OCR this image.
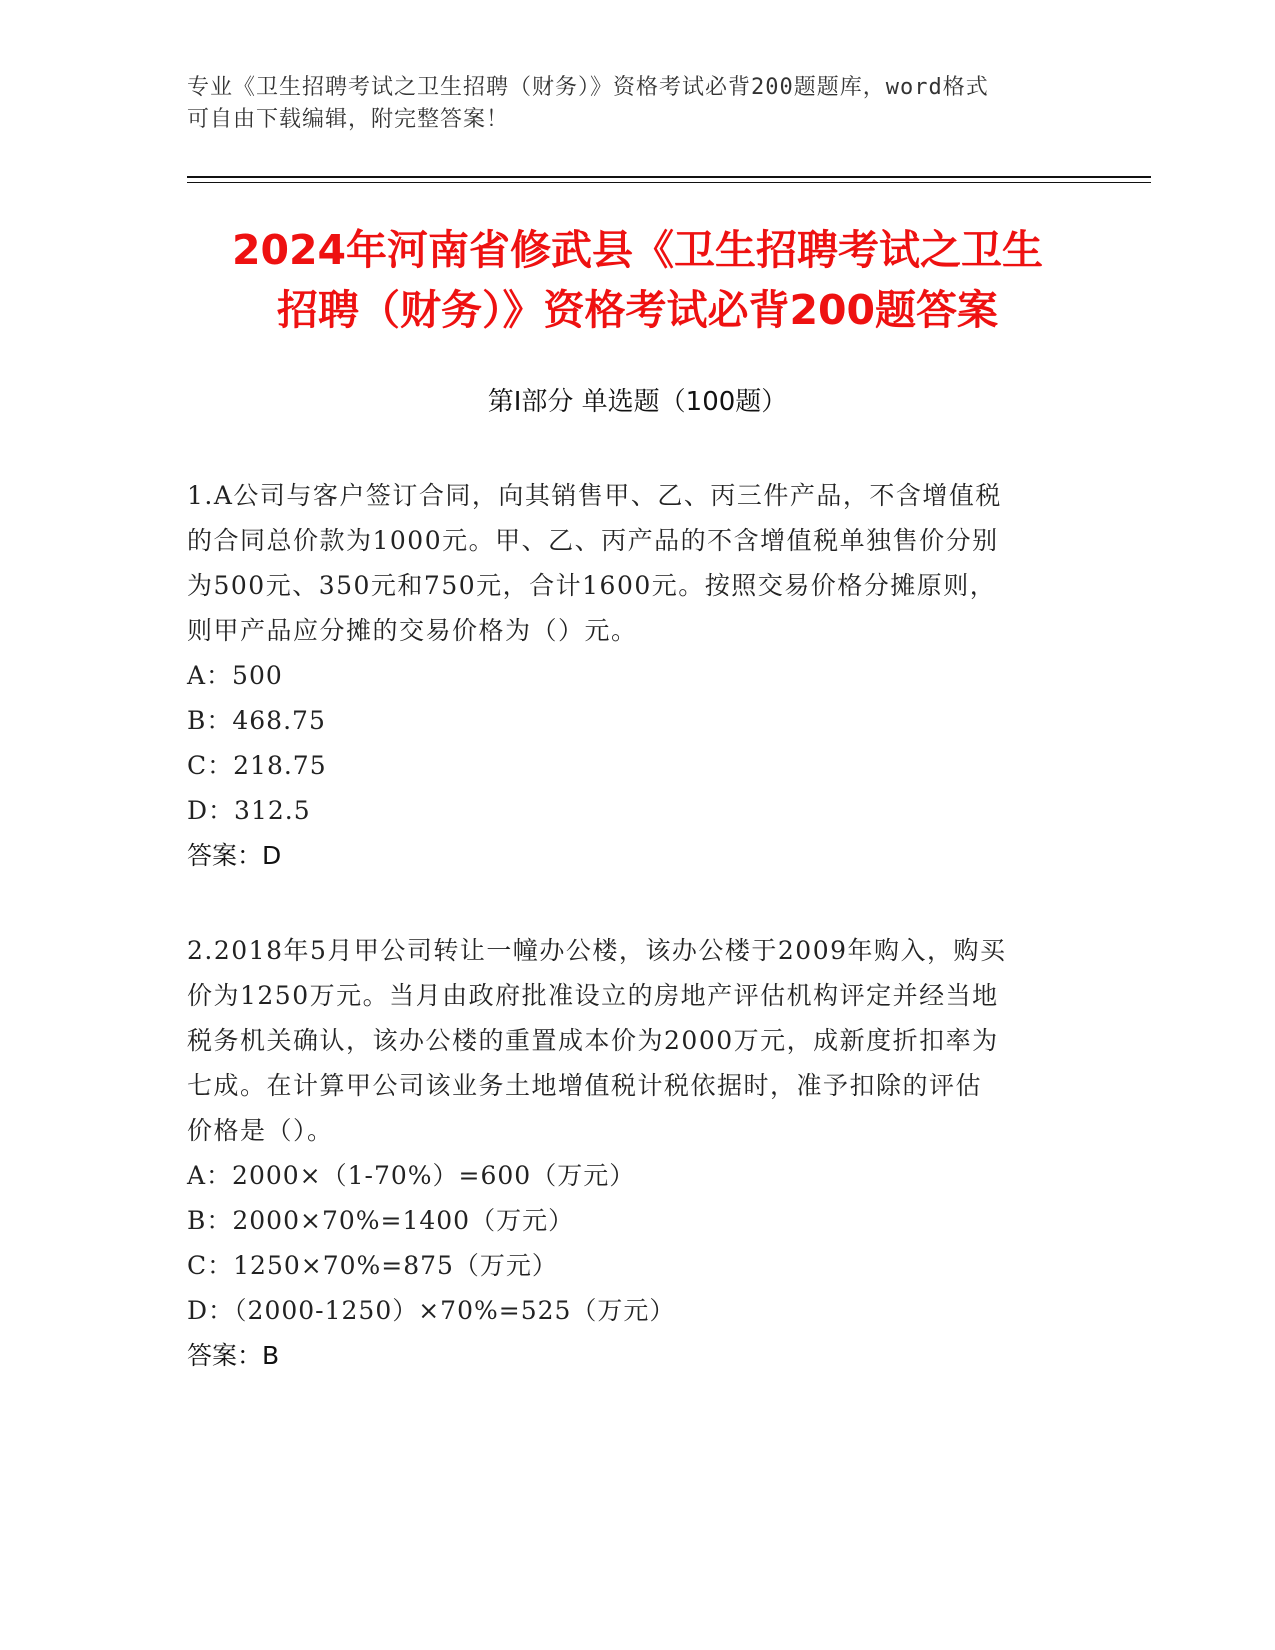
专业《卫生招聘考试之卫生招聘（财务）》资格考试必背200题题库，word格式
可自由下载编辑，附完整答案！
2024年河南省修武县《卫生招聘考试之卫生
招聘（财务）》资格考试必背200题答案
第Ⅰ部分 单选题（100题）
1.A公司与客户签订合同，向其销售甲、乙、丙三件产品，不含增值税
的合同总价款为1000元。甲、乙、丙产品的不含增值税单独售价分别
为500元、350元和750元，合计1600元。按照交易价格分摊原则，
则甲产品应分摊的交易价格为（）元。
A：500
B：468.75
C：218.75
D：312.5
答案：D
2.2018年5月甲公司转让一幢办公楼，该办公楼于2009年购入，购买
价为1250万元。当月由政府批准设立的房地产评估机构评定并经当地
税务机关确认，该办公楼的重置成本价为2000万元，成新度折扣率为
七成。在计算甲公司该业务土地增值税计税依据时，准予扣除的评估
价格是（）。
A：2000×（1-70%）=600（万元）
B：2000×70%=1400（万元）
C：1250×70%=875（万元）
D：（2000-1250）×70%=525（万元）
答案：B
